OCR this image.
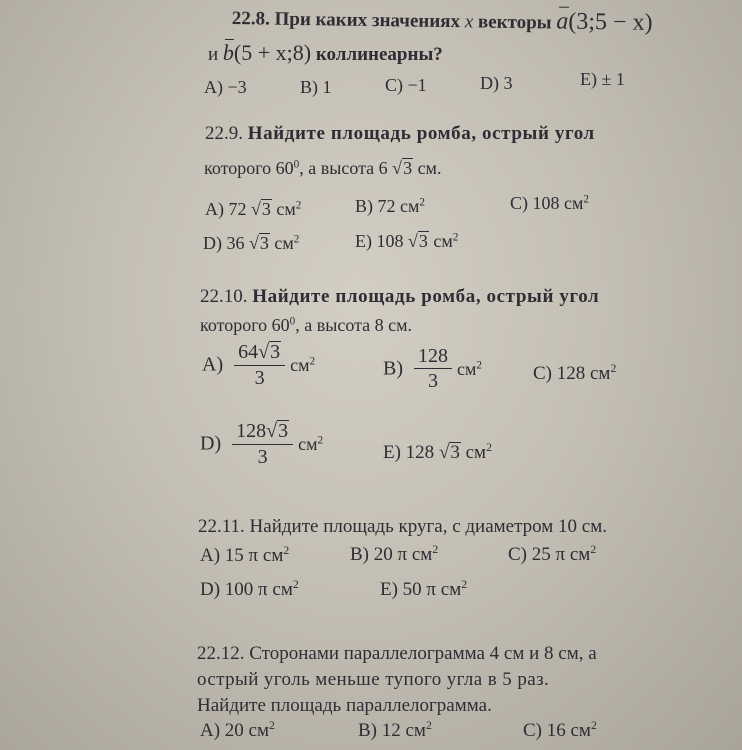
22.8. При каких значениях x векторы a(3;5 − x)
и b(5 + x;8) коллинеарны?
A) −3	B) 1	C) −1	D) 3	E) ± 1
22.9. Найдите площадь ромба, острый угол
которого $60^0$, а высота 6 √3 см.
A) 72 √3 $см^2$	B) 72 $см^2$	C) 108 $см^2$
D) 36 √3 $см^2$	E) 108 √3 $см^2$
22.10. Найдите площадь ромба, острый угол
которого $60^0$, а высота 8 см.
$A) \frac{64√3}{3} см^2$	$B) \frac{128}{3} см^2$	C) 128 $см^2$
$D) \frac{128√3}{3} см^2$
E) 128 √3 $см^2$
22.11. Найдите площадь круга, с диаметром 10 см.
A) 15 π $см^2$	B) 20 π $см^2$	C) 25 π $см^2$
D) 100 π $см^2$	E) 50 π $см^2$
22.12. Сторонами параллелограмма 4 см и 8 см, а
острый уголь меньше тупого угла в 5 раз.
Найдите площадь параллелограмма.
A) 20 $см^2$	B) 12 $см^2$	C) 16 $см^2$
